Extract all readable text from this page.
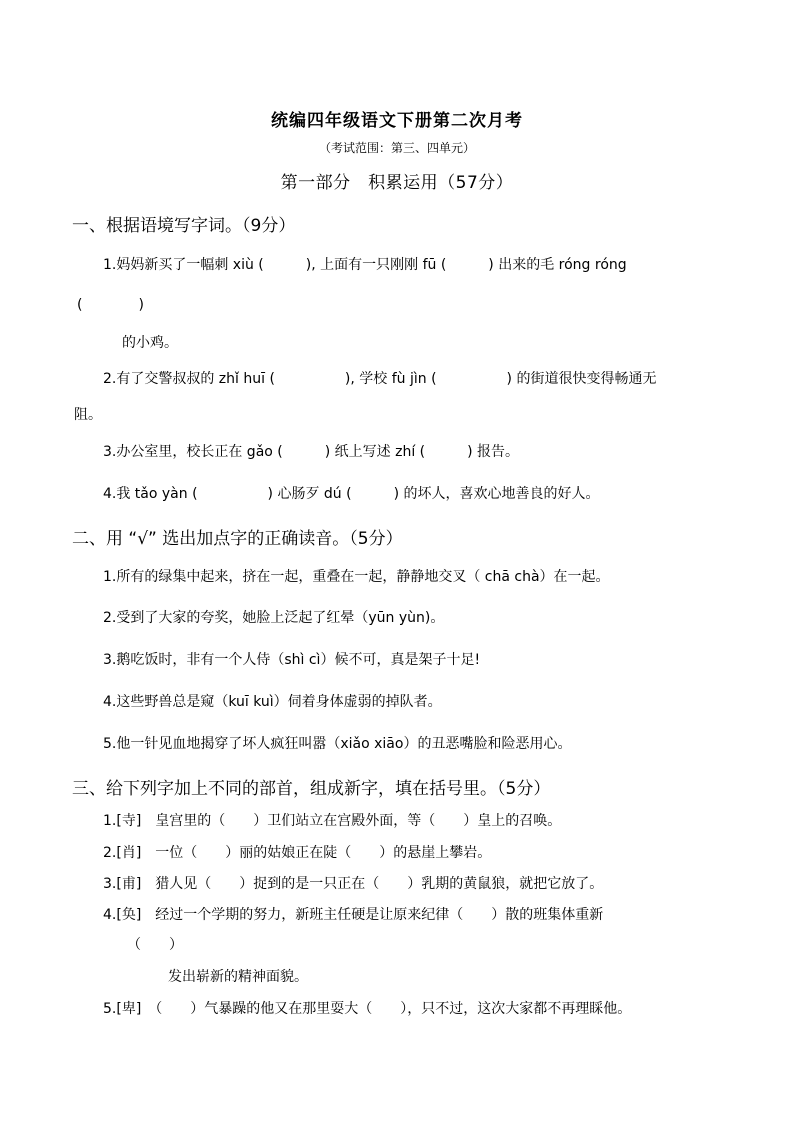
统编四年级语文下册第二次月考
（考试范围：第三、四单元）
第一部分　积累运用（57分）
一、根据语境写字词。（9分）
1.妈妈新买了一幅刺 xiù (　　　), 上面有一只刚刚 fū (　　　) 出来的毛 róng róng
(　　　　)
的小鸡。
2.有了交警叔叔的 zhǐ huī (　　　　　), 学校 fù jìn (　　　　　) 的街道很快变得畅通无
阻。
3.办公室里，校长正在 gǎo (　　　) 纸上写述 zhí (　　　) 报告。
4.我 tǎo yàn (　　　　　) 心肠歹 dú (　　　) 的坏人，喜欢心地善良的好人。
二、用 “√” 选出加点字的正确读音。（5分）
1.所有的绿集中起来，挤在一起，重叠在一起，静静地交叉（ chā chà）在一起。
2.受到了大家的夸奖，她脸上泛起了红晕（yūn yùn)。
3.鹅吃饭时，非有一个人侍（shì cì）候不可，真是架子十足!
4.这些野兽总是窥（kuī kuì）伺着身体虚弱的掉队者。
5.他一针见血地揭穿了坏人疯狂叫嚣（xiǎo xiāo）的丑恶嘴脸和险恶用心。
三、给下列字加上不同的部首，组成新字，填在括号里。（5分）
1.[寺]　皇宫里的（　　）卫们站立在宫殿外面，等（　　）皇上的召唤。
2.[肖]　一位（　　）丽的姑娘正在陡（　　）的悬崖上攀岩。
3.[甫]　猎人见（　　）捉到的是一只正在（　　）乳期的黄鼠狼，就把它放了。
4.[奂]　经过一个学期的努力，新班主任硬是让原来纪律（　　）散的班集体重新
（　　）
发出崭新的精神面貌。
5.[卑]　（　　）气暴躁的他又在那里耍大（　　），只不过，这次大家都不再理睬他。
